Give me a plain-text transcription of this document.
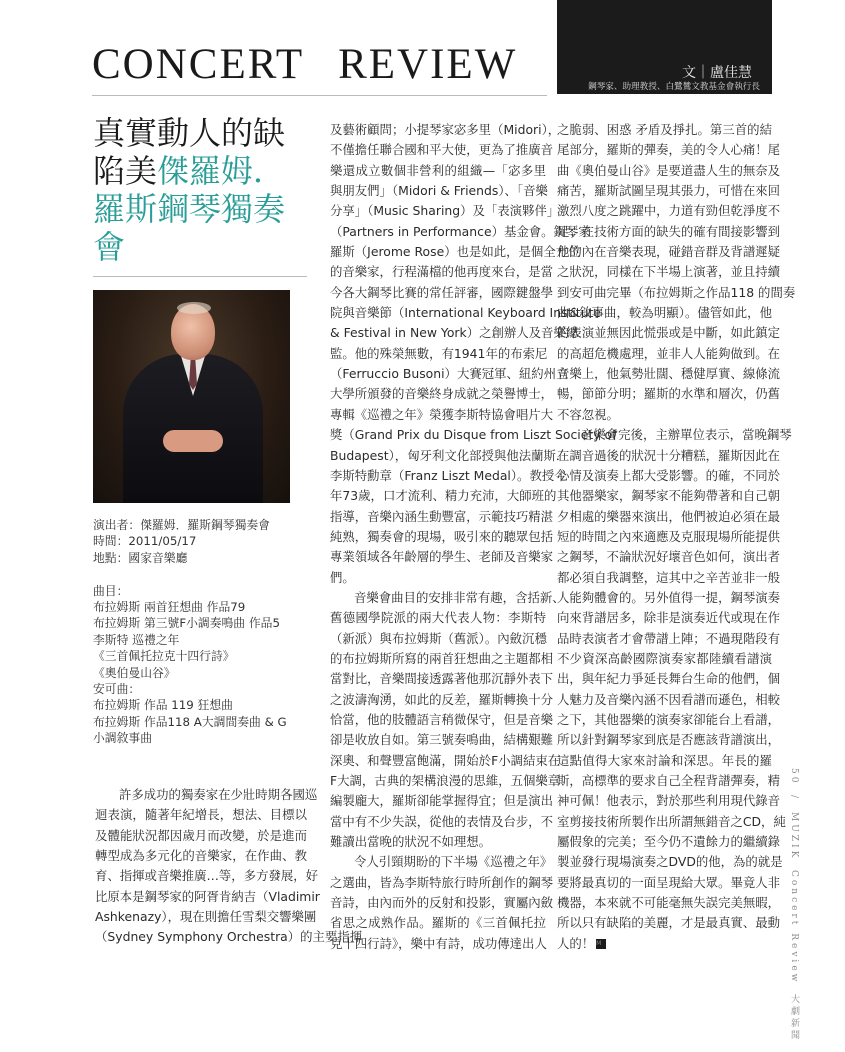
CONCERT REVIEW	文｜盧佳慧
鋼琴家、助理教授、白鷺鷥文教基金會執行長
真實動人的缺陷美傑羅姆．羅斯鋼琴獨奏會
演出者：傑羅姆．羅斯鋼琴獨奏會
時間：2011/05/17
地點：國家音樂廳
曲目：
布拉姆斯 兩首狂想曲 作品79
布拉姆斯 第三號F小調奏鳴曲 作品5
李斯特 巡禮之年
《三首佩托拉克十四行詩》
《奧伯曼山谷》
安可曲：
布拉姆斯 作品 119 狂想曲
布拉姆斯 作品118 A大調間奏曲 & G
小調敘事曲
許多成功的獨奏家在少壯時期各國巡
迴表演，隨著年紀增長，想法、目標以
及體能狀況都因歲月而改變，於是進而
轉型成為多元化的音樂家，在作曲、教
育、指揮或音樂推廣…等，多方發展，好
比原本是鋼琴家的阿胥肯納吉（Vladimir
Ashkenazy），現在則擔任雪梨交響樂團
（Sydney Symphony Orchestra）的主要指揮
及藝術顧問；小提琴家宓多里（Midori），
不僅擔任聯合國和平大使，更為了推廣音
樂還成立數個非營利的組織—「宓多里
與朋友們」（Midori & Friends）、「音樂
分享」（Music Sharing）及「表演夥伴」
（Partners in Performance）基金會。鋼琴家
羅斯（Jerome Rose）也是如此，是個全方位
的音樂家，行程滿檔的他再度來台，是當
今各大鋼琴比賽的常任評審，國際鍵盤學
院與音樂節（International Keyboard Institute
& Festival in New York）之創辦人及音樂總
監。他的殊榮無數，有1941年的布索尼
（Ferruccio Busoni）大賽冠軍、紐約州立
大學所頒發的音樂終身成就之榮譽博士，
專輯《巡禮之年》榮獲李斯特協會唱片大
獎（Grand Prix du Disque from Liszt Society of
Budapest），匈牙利文化部授與他法蘭斯．
李斯特勳章（Franz Liszt Medal）。教授今
年73歲，口才流利、精力充沛，大師班的
指導，音樂內涵生動豐富，示範技巧精湛
純熟，獨奏會的現場，吸引來的聽眾包括
專業領域各年齡層的學生、老師及音樂家
們。
音樂會曲目的安排非常有趣，含括新、
舊德國學院派的兩大代表人物：李斯特
（新派）與布拉姆斯（舊派）。內斂沉穩
的布拉姆斯所寫的兩首狂想曲之主題都相
當對比，音樂間接透露著他那沉靜外表下
之波濤洶湧，如此的反差，羅斯轉換十分
恰當，他的肢體語言稍微保守，但是音樂
卻是收放自如。第三號奏鳴曲，結構艱難
深奧、和聲豐富飽滿，開始於F小調結束在
F大調，古典的架構浪漫的思維，五個樂章
編製龐大，羅斯卻能掌握得宜；但是演出
當中有不少失誤，從他的表情及台步，不
難讀出當晚的狀況不如理想。
令人引頸期盼的下半場《巡禮之年》
之選曲，皆為李斯特旅行時所創作的鋼琴
音詩，由內而外的反射和投影，實屬內斂
省思之成熟作品。羅斯的《三首佩托拉
克十四行詩》，樂中有詩，成功傳達出人
之脆弱、困惑 矛盾及掙扎。第三首的結
尾部分，羅斯的彈奏，美的令人心痛！尾
曲《奧伯曼山谷》是要道盡人生的無奈及
痛苦，羅斯試圖呈現其張力，可惜在來回
激烈八度之跳躍中，力道有勁但乾淨度不
足；在技術方面的缺失的確有間接影響到
他的內在音樂表現，碰錯音群及背譜遲疑
之狀況，同樣在下半場上演著，並且持續
到安可曲完畢（布拉姆斯之作品118 的間奏
曲&敘事曲，較為明顯）。儘管如此，他
的表演並無因此慌張或是中斷，如此鎮定
的高超危機處理，並非人人能夠做到。在
音樂上，他氣勢壯闊、穩健厚實、線條流
暢，節節分明；羅斯的水準和層次，仍舊
不容忽視。
音樂會完後，主辦單位表示，當晚鋼琴
在調音過後的狀況十分糟糕，羅斯因此在
心情及演奏上都大受影響。的確，不同於
其他器樂家，鋼琴家不能夠帶著和自己朝
夕相處的樂器來演出，他們被迫必須在最
短的時間之內來適應及克服現場所能提供
之鋼琴，不論狀況好壞音色如何，演出者
都必須自我調整，這其中之辛苦並非一般
人能夠體會的。另外值得一提，鋼琴演奏
向來背譜居多，除非是演奏近代或現在作
品時表演者才會帶譜上陣；不過現階段有
不少資深高齡國際演奏家都陸續看譜演
出，與年紀力爭延長舞台生命的他們，個
人魅力及音樂內涵不因看譜而遜色，相較
之下，其他器樂的演奏家卻能台上看譜，
所以針對鋼琴家到底是否應該背譜演出，
這點值得大家來討論和深思。年長的羅
斯，高標準的要求自己全程背譜彈奏，精
神可佩！他表示，對於那些利用現代錄音
室剪接技術所製作出所謂無錯音之CD，純
屬假象的完美；至今仍不遺餘力的繼續錄
製並發行現場演奏之DVD的他，為的就是
要將最真切的一面呈現給大眾。畢竟人非
機器，本來就不可能毫無失誤完美無暇，
所以只有缺陷的美麗，才是最真實、最動
人的！ M
50/MUZIKConcert Review大劇新聞
